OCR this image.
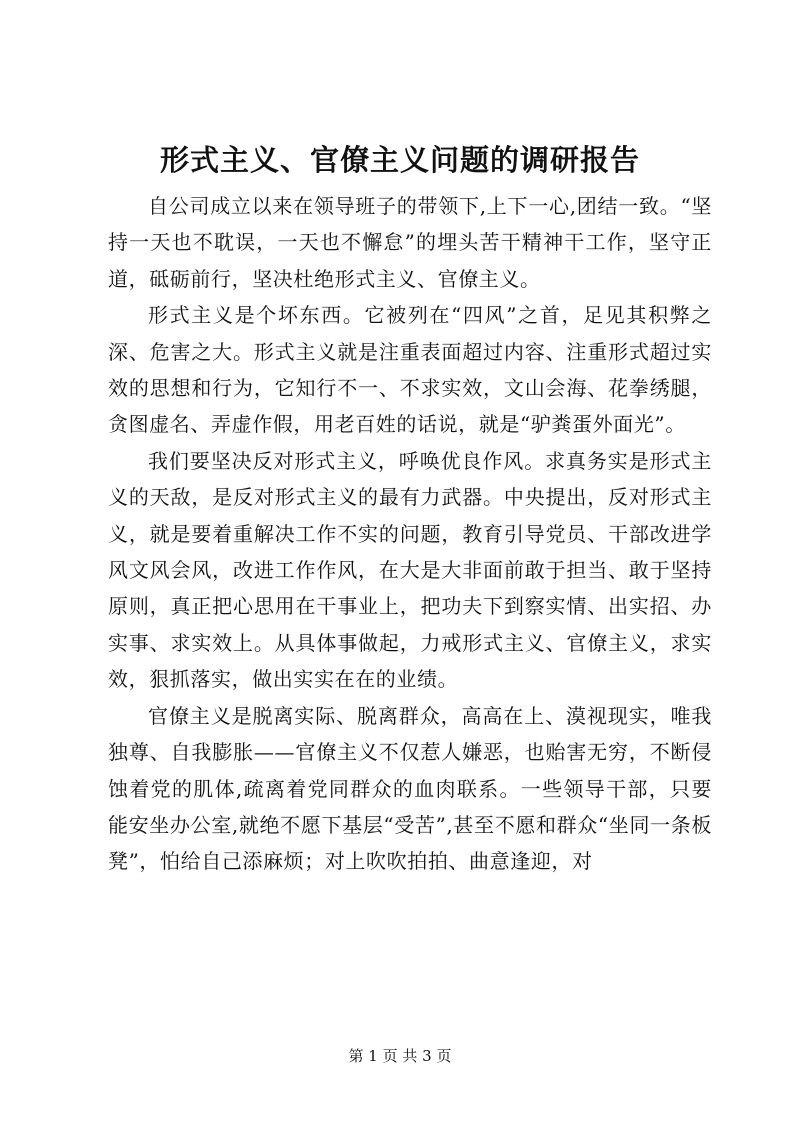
形式主义、官僚主义问题的调研报告

自公司成立以来在领导班子的带领下,上下一心,团结一致。“坚持一天也不耽误，一天也不懈怠”的埋头苦干精神干工作，坚守正道，砥砺前行，坚决杜绝形式主义、官僚主义。

形式主义是个坏东西。它被列在“四风”之首，足见其积弊之深、危害之大。形式主义就是注重表面超过内容、注重形式超过实效的思想和行为，它知行不一、不求实效，文山会海、花拳绣腿，贪图虚名、弄虚作假，用老百姓的话说，就是“驴粪蛋外面光”。

我们要坚决反对形式主义，呼唤优良作风。求真务实是形式主义的天敌，是反对形式主义的最有力武器。中央提出，反对形式主义，就是要着重解决工作不实的问题，教育引导党员、干部改进学风文风会风，改进工作作风，在大是大非面前敢于担当、敢于坚持原则，真正把心思用在干事业上，把功夫下到察实情、出实招、办实事、求实效上。从具体事做起，力戒形式主义、官僚主义，求实效，狠抓落实，做出实实在在的业绩。

官僚主义是脱离实际、脱离群众，高高在上、漠视现实，唯我独尊、自我膨胀——官僚主义不仅惹人嫌恶，也贻害无穷，不断侵蚀着党的肌体,疏离着党同群众的血肉联系。一些领导干部，只要能安坐办公室,就绝不愿下基层“受苦”,甚至不愿和群众“坐同一条板凳”，怕给自己添麻烦；对上吹吹拍拍、曲意逢迎，对

第 1 页 共 3 页
